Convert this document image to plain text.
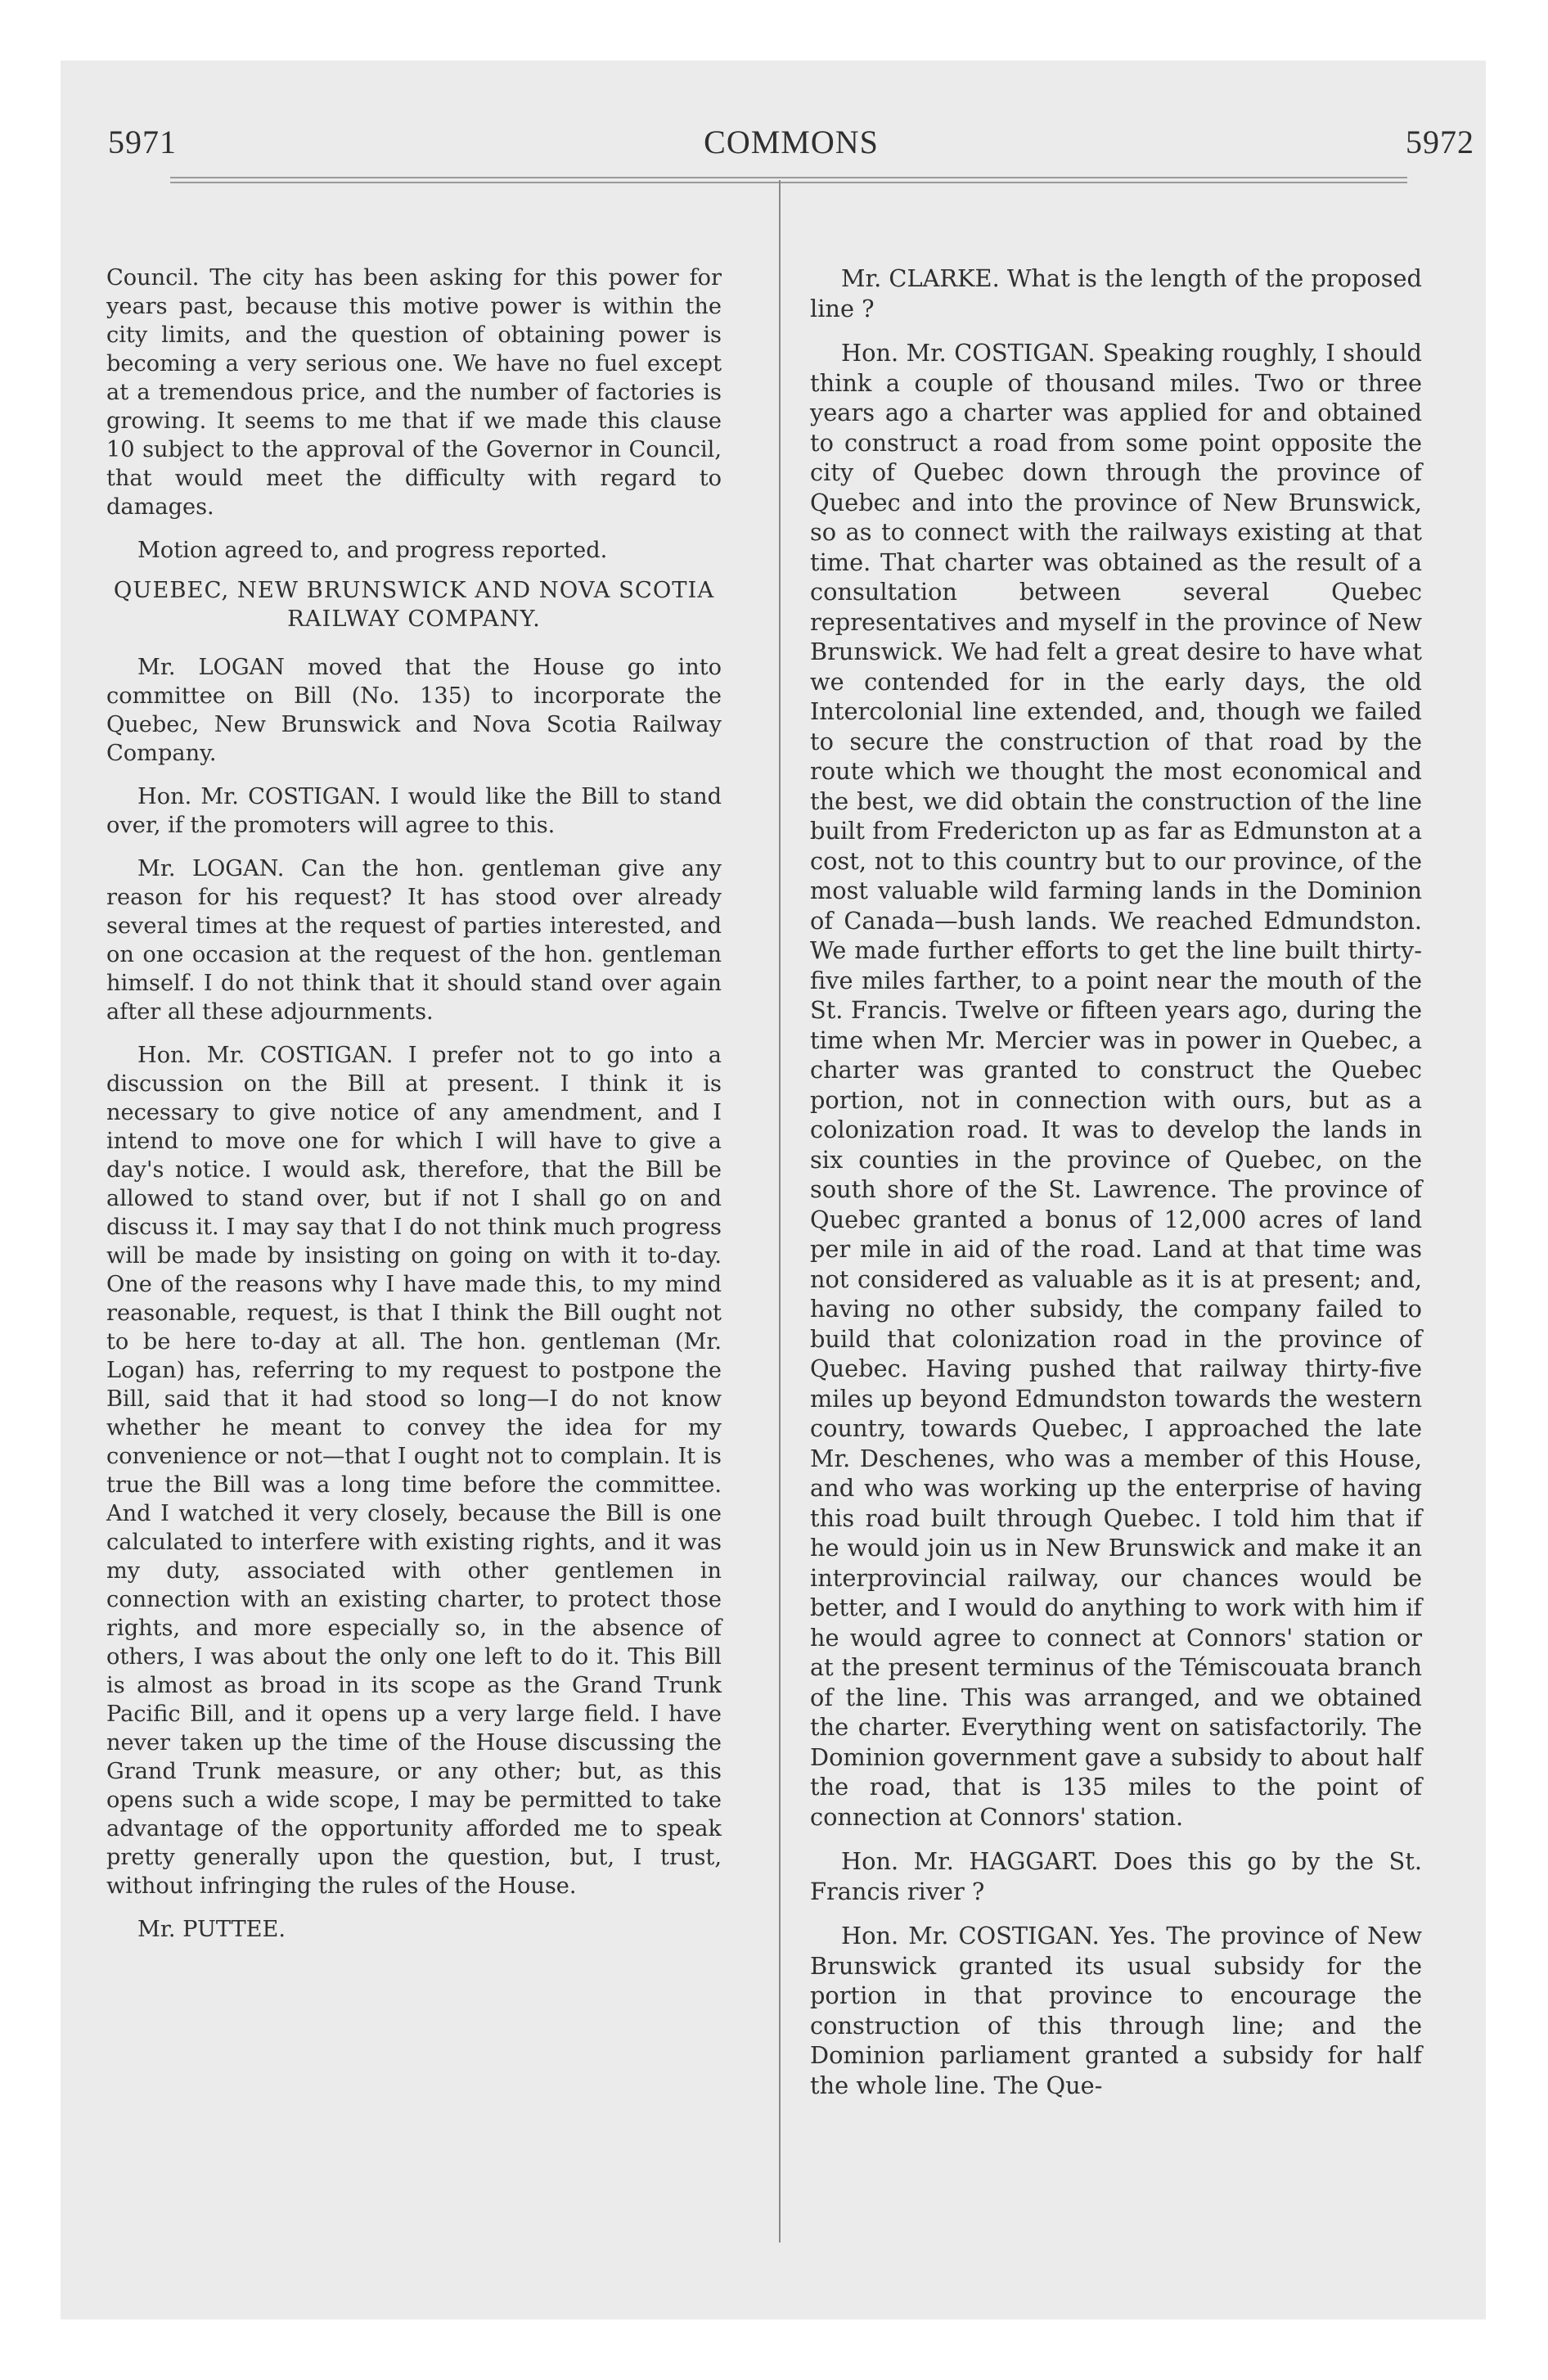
5971	COMMONS	5972

Council. The city has been asking for this power for years past, because this motive power is within the city limits, and the question of obtaining power is becoming a very serious one. We have no fuel except at a tremendous price, and the number of factories is growing. It seems to me that if we made this clause 10 subject to the approval of the Governor in Council, that would meet the difficulty with regard to damages.

Motion agreed to, and progress reported.

QUEBEC, NEW BRUNSWICK AND NOVA SCOTIA RAILWAY COMPANY.

Mr. LOGAN moved that the House go into committee on Bill (No. 135) to incorporate the Quebec, New Brunswick and Nova Scotia Railway Company.

Hon. Mr. COSTIGAN. I would like the Bill to stand over, if the promoters will agree to this.

Mr. LOGAN. Can the hon. gentleman give any reason for his request? It has stood over already several times at the request of parties interested, and on one occasion at the request of the hon. gentleman himself. I do not think that it should stand over again after all these adjournments.

Hon. Mr. COSTIGAN. I prefer not to go into a discussion on the Bill at present. I think it is necessary to give notice of any amendment, and I intend to move one for which I will have to give a day's notice. I would ask, therefore, that the Bill be allowed to stand over, but if not I shall go on and discuss it. I may say that I do not think much progress will be made by insisting on going on with it to-day. One of the reasons why I have made this, to my mind reasonable, request, is that I think the Bill ought not to be here to-day at all. The hon. gentleman (Mr. Logan) has, referring to my request to postpone the Bill, said that it had stood so long—I do not know whether he meant to convey the idea for my convenience or not—that I ought not to complain. It is true the Bill was a long time before the committee. And I watched it very closely, because the Bill is one calculated to interfere with existing rights, and it was my duty, associated with other gentlemen in connection with an existing charter, to protect those rights, and more especially so, in the absence of others, I was about the only one left to do it. This Bill is almost as broad in its scope as the Grand Trunk Pacific Bill, and it opens up a very large field. I have never taken up the time of the House discussing the Grand Trunk measure, or any other; but, as this opens such a wide scope, I may be permitted to take advantage of the opportunity afforded me to speak pretty generally upon the question, but, I trust, without infringing the rules of the House.

Mr. PUTTEE.

Mr. CLARKE. What is the length of the proposed line ?

Hon. Mr. COSTIGAN. Speaking roughly, I should think a couple of thousand miles. Two or three years ago a charter was applied for and obtained to construct a road from some point opposite the city of Quebec down through the province of Quebec and into the province of New Brunswick, so as to connect with the railways existing at that time. That charter was obtained as the result of a consultation between several Quebec representatives and myself in the province of New Brunswick. We had felt a great desire to have what we contended for in the early days, the old Intercolonial line extended, and, though we failed to secure the construction of that road by the route which we thought the most economical and the best, we did obtain the construction of the line built from Fredericton up as far as Edmunston at a cost, not to this country but to our province, of the most valuable wild farming lands in the Dominion of Canada—bush lands. We reached Edmundston. We made further efforts to get the line built thirty-five miles farther, to a point near the mouth of the St. Francis. Twelve or fifteen years ago, during the time when Mr. Mercier was in power in Quebec, a charter was granted to construct the Quebec portion, not in connection with ours, but as a colonization road. It was to develop the lands in six counties in the province of Quebec, on the south shore of the St. Lawrence. The province of Quebec granted a bonus of 12,000 acres of land per mile in aid of the road. Land at that time was not considered as valuable as it is at present; and, having no other subsidy, the company failed to build that colonization road in the province of Quebec. Having pushed that railway thirty-five miles up beyond Edmundston towards the western country, towards Quebec, I approached the late Mr. Deschenes, who was a member of this House, and who was working up the enterprise of having this road built through Quebec. I told him that if he would join us in New Brunswick and make it an interprovincial railway, our chances would be better, and I would do anything to work with him if he would agree to connect at Connors' station or at the present terminus of the Témiscouata branch of the line. This was arranged, and we obtained the charter. Everything went on satisfactorily. The Dominion government gave a subsidy to about half the road, that is 135 miles to the point of connection at Connors' station.

Hon. Mr. HAGGART. Does this go by the St. Francis river ?

Hon. Mr. COSTIGAN. Yes. The province of New Brunswick granted its usual subsidy for the portion in that province to encourage the construction of this through line; and the Dominion parliament granted a subsidy for half the whole line. The Que-
